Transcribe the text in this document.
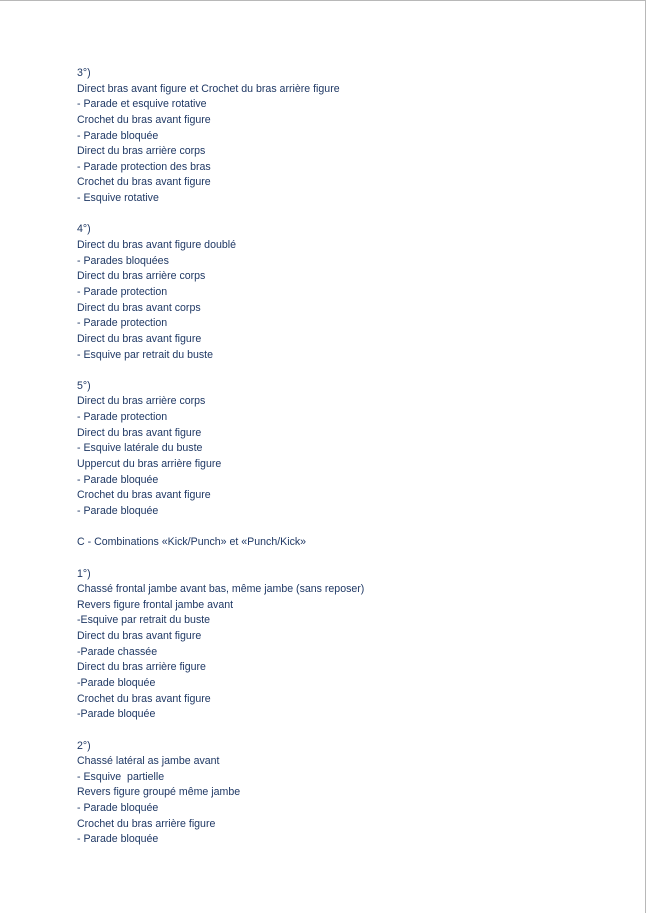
3°)
Direct bras avant figure et Crochet du bras arrière figure
- Parade et esquive rotative
Crochet du bras avant figure
- Parade bloquée
Direct du bras arrière corps
- Parade protection des bras
Crochet du bras avant figure
- Esquive rotative
4°)
Direct du bras avant figure doublé
- Parades bloquées
Direct du bras arrière corps
- Parade protection
Direct du bras avant corps
- Parade protection
Direct du bras avant figure
- Esquive par retrait du buste
5°)
Direct du bras arrière corps
- Parade protection
Direct du bras avant figure
- Esquive latérale du buste
Uppercut du bras arrière figure
- Parade bloquée
Crochet du bras avant figure
- Parade bloquée
C - Combinations «Kick/Punch» et «Punch/Kick»
1°)
Chassé frontal jambe avant bas, même jambe (sans reposer)
Revers figure frontal jambe avant
-Esquive par retrait du buste
Direct du bras avant figure
-Parade chassée
Direct du bras arrière figure
-Parade bloquée
Crochet du bras avant figure
-Parade bloquée
2°)
Chassé latéral as jambe avant
- Esquive  partielle
Revers figure groupé même jambe
- Parade bloquée
Crochet du bras arrière figure
- Parade bloquée
